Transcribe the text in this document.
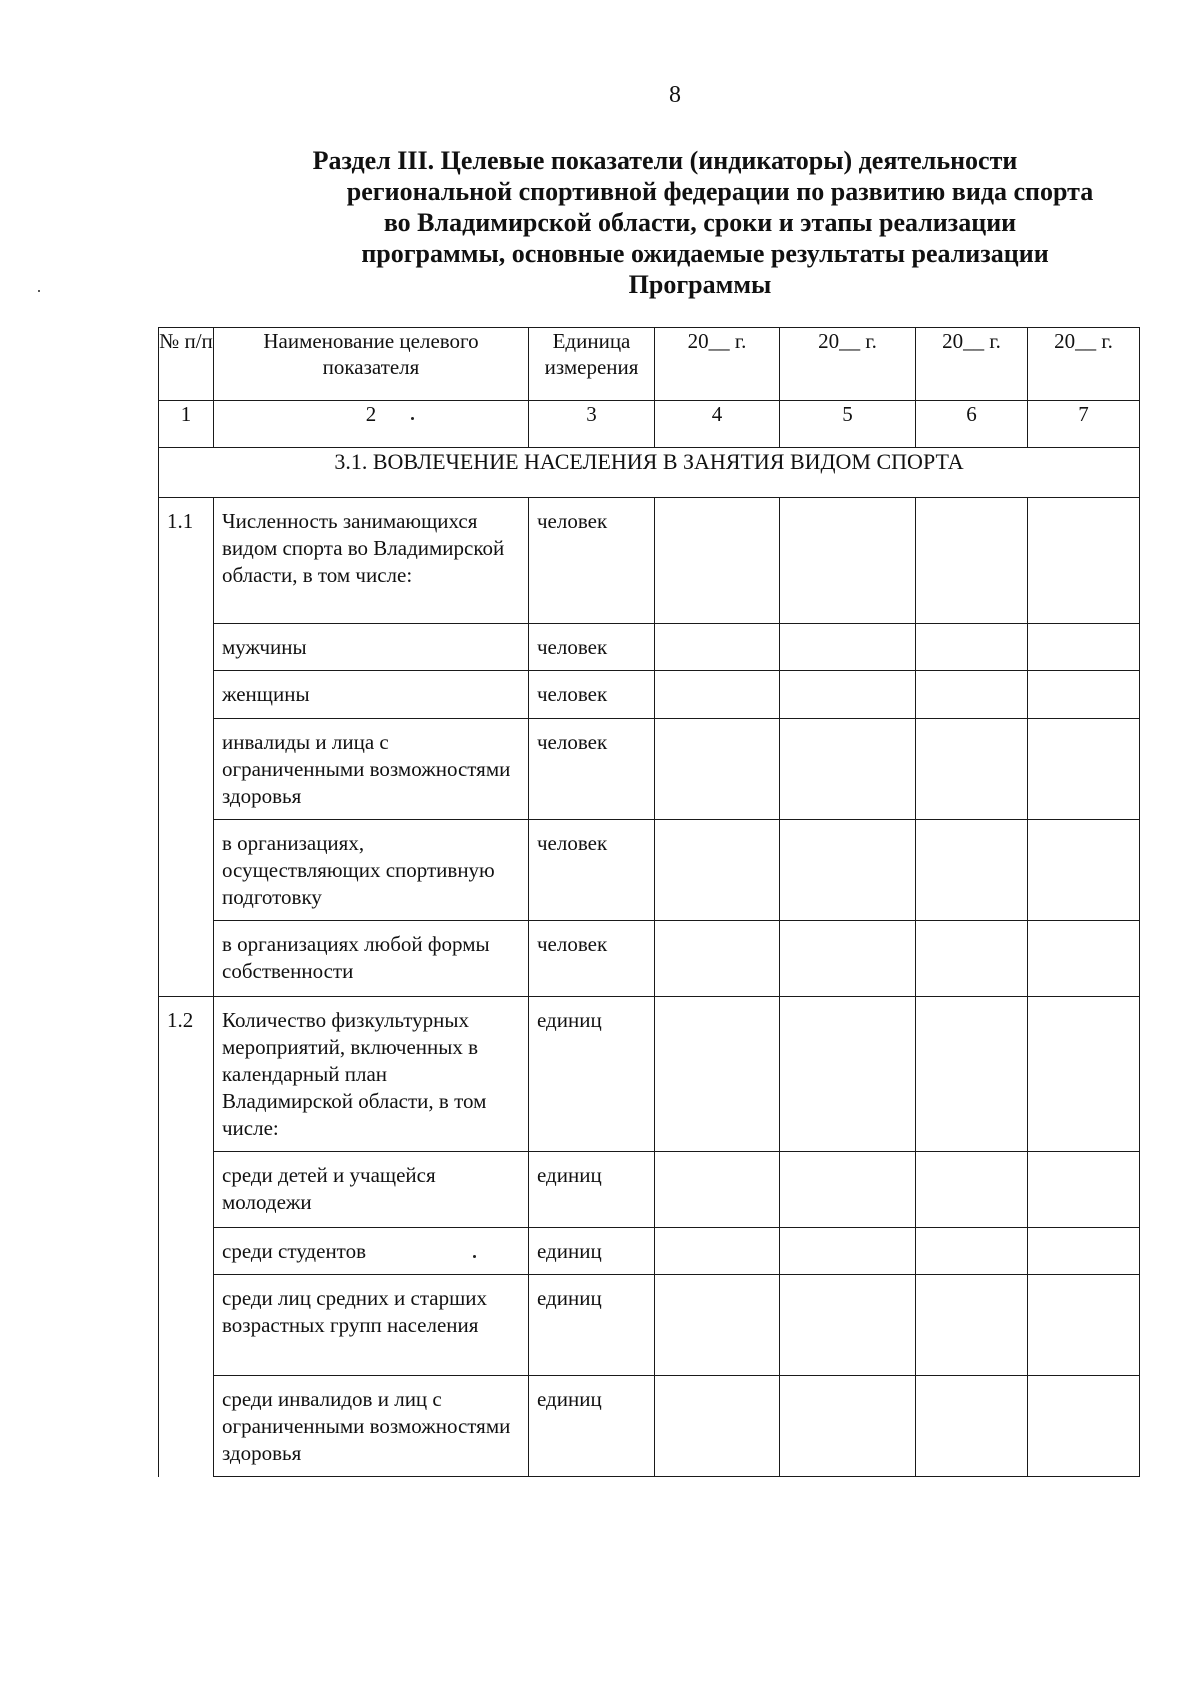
8
Раздел III. Целевые показатели (индикаторы) деятельности
региональной спортивной федерации по развитию вида спорта
во Владимирской области, сроки и этапы реализации
программы, основные ожидаемые результаты реализации
Программы
№ п/п	Наименование целевого показателя	Единица измерения	20__ г.	20__ г.	20__ г.	20__ г.

1	2	3	4	5	6	7
3.1. ВОВЛЕЧЕНИЕ НАСЕЛЕНИЯ В ЗАНЯТИЯ ВИДОМ СПОРТА						
1.1	Численность занимающихся видом спорта во Владимирской области, в том числе:	человек				
	мужчины	человек				
	женщины	человек				
	инвалиды и лица с ограниченными возможностями здоровья	человек				
	в организациях, осуществляющих спортивную подготовку	человек				
	в организациях любой формы собственности	человек				
1.2	Количество физкультурных мероприятий, включенных в календарный план Владимирской области, в том числе:	единиц				
	среди детей и учащейся молодежи	единиц				
	среди студентов	единиц				
	среди лиц средних и старших возрастных групп населения	единиц				
	среди инвалидов и лиц с ограниченными возможностями здоровья	единиц				
